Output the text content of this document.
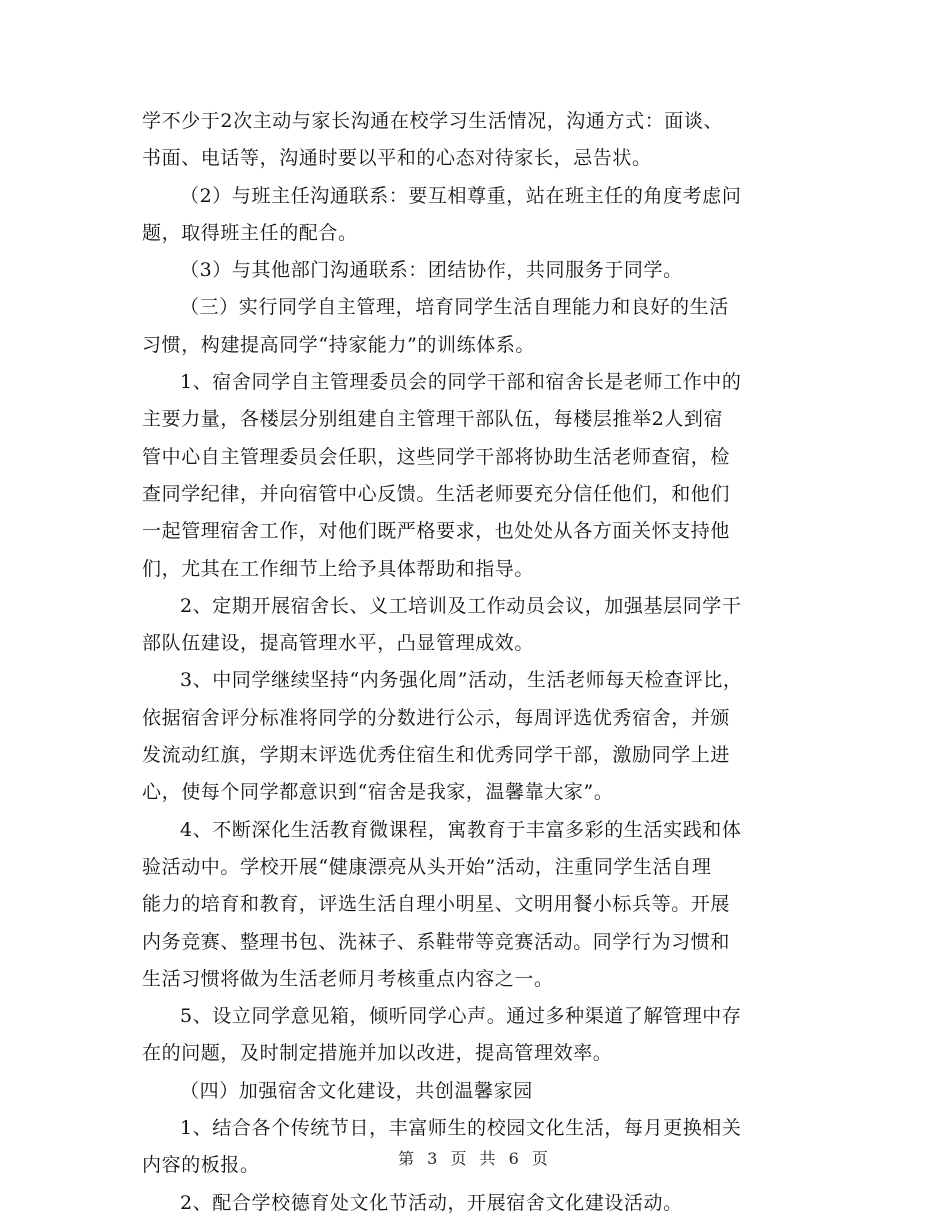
学不少于2次主动与家长沟通在校学习生活情况，沟通方式：面谈、
书面、电话等，沟通时要以平和的心态对待家长，忌告状。
（2）与班主任沟通联系：要互相尊重，站在班主任的角度考虑问
题，取得班主任的配合。
（3）与其他部门沟通联系：团结协作，共同服务于同学。
（三）实行同学自主管理，培育同学生活自理能力和良好的生活
习惯，构建提高同学“持家能力”的训练体系。
1、宿舍同学自主管理委员会的同学干部和宿舍长是老师工作中的
主要力量，各楼层分别组建自主管理干部队伍，每楼层推举2人到宿
管中心自主管理委员会任职，这些同学干部将协助生活老师查宿，检
查同学纪律，并向宿管中心反馈。生活老师要充分信任他们，和他们
一起管理宿舍工作，对他们既严格要求，也处处从各方面关怀支持他
们，尤其在工作细节上给予具体帮助和指导。
2、定期开展宿舍长、义工培训及工作动员会议，加强基层同学干
部队伍建设，提高管理水平，凸显管理成效。
3、中同学继续坚持“内务强化周”活动，生活老师每天检查评比，
依据宿舍评分标准将同学的分数进行公示，每周评选优秀宿舍，并颁
发流动红旗，学期末评选优秀住宿生和优秀同学干部，激励同学上进
心，使每个同学都意识到“宿舍是我家，温馨靠大家”。
4、不断深化生活教育微课程，寓教育于丰富多彩的生活实践和体
验活动中。学校开展“健康漂亮从头开始”活动，注重同学生活自理
能力的培育和教育，评选生活自理小明星、文明用餐小标兵等。开展
内务竞赛、整理书包、洗袜子、系鞋带等竞赛活动。同学行为习惯和
生活习惯将做为生活老师月考核重点内容之一。
5、设立同学意见箱，倾听同学心声。通过多种渠道了解管理中存
在的问题，及时制定措施并加以改进，提高管理效率。
（四）加强宿舍文化建设，共创温馨家园
1、结合各个传统节日，丰富师生的校园文化生活，每月更换相关
内容的板报。
2、配合学校德育处文化节活动，开展宿舍文化建设活动。
第 3 页 共 6 页
